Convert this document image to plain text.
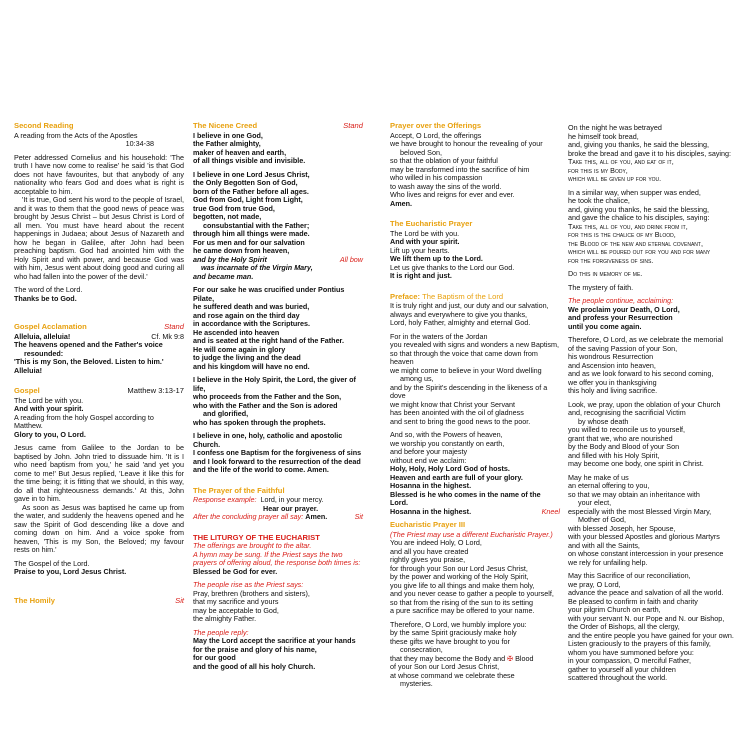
Second Reading

A reading from the Acts of the Apostles

10:34-38

Peter addressed Cornelius and his household: 'The truth I have now come to realise' he said 'is that God does not have favourites, but that anybody of any nationality who fears God and does what is right is acceptable to him.

'It is true, God sent his word to the people of Israel, and it was to them that the good news of peace was brought by Jesus Christ – but Jesus Christ is Lord of all men. You must have heard about the recent happenings in Judaea; about Jesus of Nazareth and how he began in Galilee, after John had been preaching baptism. God had anointed him with the Holy Spirit and with power, and because God was with him, Jesus went about doing good and curing all who had fallen into the power of the devil.'

The word of the Lord.

Thanks be to God.

Gospel Acclamation	Stand
Alleluia, alleluia!	Cf. Mk 9:8

The heavens opened and the Father's voice

resounded:

'This is my Son, the Beloved. Listen to him.'

Alleluia!

Gospel	Matthew 3:13-17

The Lord be with you.

And with your spirit.

A reading from the holy Gospel according to Matthew.

Glory to you, O Lord.

Jesus came from Galilee to the Jordan to be baptised by John. John tried to dissuade him. 'It is I who need baptism from you,' he said 'and yet you come to me!' But Jesus replied, 'Leave it like this for the time being; it is fitting that we should, in this way, do all that righteousness demands.' At this, John gave in to him.

As soon as Jesus was baptised he came up from the water, and suddenly the heavens opened and he saw the Spirit of God descending like a dove and coming down on him. And a voice spoke from heaven, 'This is my Son, the Beloved; my favour rests on him.'

The Gospel of the Lord.

Praise to you, Lord Jesus Christ.

The Homily	Sit
The Nicene Creed	Stand

I believe in one God,

the Father almighty,

maker of heaven and earth,

of all things visible and invisible.

I believe in one Lord Jesus Christ,

the Only Begotten Son of God,

born of the Father before all ages.

God from God, Light from Light,

true God from true God,

begotten, not made,

consubstantial with the Father;

through him all things were made.

For us men and for our salvation

he came down from heaven,

and by the Holy Spirit	All bow

was incarnate of the Virgin Mary,

and became man.

For our sake he was crucified under Pontius Pilate,

he suffered death and was buried,

and rose again on the third day

in accordance with the Scriptures.

He ascended into heaven

and is seated at the right hand of the Father.

He will come again in glory

to judge the living and the dead

and his kingdom will have no end.

I believe in the Holy Spirit, the Lord, the giver of life,

who proceeds from the Father and the Son,

who with the Father and the Son is adored

and glorified,

who has spoken through the prophets.

I believe in one, holy, catholic and apostolic Church.

I confess one Baptism for the forgiveness of sins

and I look forward to the resurrection of the dead

and the life of the world to come. Amen.

The Prayer of the Faithful

Response example: Lord, in your mercy.

Hear our prayer.

After the concluding prayer all say: Amen.	Sit

THE LITURGY OF THE EUCHARIST

The offerings are brought to the altar.

A hymn may be sung. If the Priest says the two

prayers of offering aloud, the response both times is:

Blessed be God for ever.

The people rise as the Priest says:

Pray, brethren (brothers and sisters),

that my sacrifice and yours

may be acceptable to God,

the almighty Father.

The people reply:

May the Lord accept the sacrifice at your hands

for the praise and glory of his name,

for our good

and the good of all his holy Church.

Prayer over the Offerings

Accept, O Lord, the offerings

we have brought to honour the revealing of your

beloved Son,

so that the oblation of your faithful

may be transformed into the sacrifice of him

who willed in his compassion

to wash away the sins of the world.

Who lives and reigns for ever and ever.

Amen.

The Eucharistic Prayer

The Lord be with you.

And with your spirit.

Lift up your hearts.

We lift them up to the Lord.

Let us give thanks to the Lord our God.

It is right and just.

Preface:
The Baptism of the Lord

It is truly right and just, our duty and our salvation,

always and everywhere to give you thanks,

Lord, holy Father, almighty and eternal God.

For in the waters of the Jordan

you revealed with signs and wonders a new Baptism,

so that through the voice that came down from heaven

we might come to believe in your Word dwelling

among us,

and by the Spirit's descending in the likeness of a dove

we might know that Christ your Servant

has been anointed with the oil of gladness

and sent to bring the good news to the poor.

And so, with the Powers of heaven,

we worship you constantly on earth,

and before your majesty

without end we acclaim:

Holy, Holy, Holy Lord God of hosts.

Heaven and earth are full of your glory.

Hosanna in the highest.

Blessed is he who comes in the name of the Lord.

Hosanna in the highest.	Kneel
Eucharistic Prayer III

(The Priest may use a different Eucharistic Prayer.)

You are indeed Holy, O Lord,

and all you have created

rightly gives you praise,

for through your Son our Lord Jesus Christ,

by the power and working of the Holy Spirit,

you give life to all things and make them holy,

and you never cease to gather a people to yourself,

so that from the rising of the sun to its setting

a pure sacrifice may be offered to your name.

Therefore, O Lord, we humbly implore you:

by the same Spirit graciously make holy

these gifts we have brought to you for

consecration,

that they may become the Body and ✠ Blood

of your Son our Lord Jesus Christ,

at whose command we celebrate these

mysteries.

On the night he was betrayed

he himself took bread,

and, giving you thanks, he said the blessing,

broke the bread and gave it to his disciples, saying:

Take this, all of you, and eat of it,

for this is my Body,

which will be given up for you.

In a similar way, when supper was ended,

he took the chalice,

and, giving you thanks, he said the blessing,

and gave the chalice to his disciples, saying:

Take this, all of you, and drink from it,

for this is the chalice of my Blood,

the Blood of the new and eternal covenant,

which will be poured out for you and for many

for the forgiveness of sins.

Do this in memory of me.

The mystery of faith.

The people continue, acclaiming:

We proclaim your Death, O Lord,

and profess your Resurrection

until you come again.

Therefore, O Lord, as we celebrate the memorial

of the saving Passion of your Son,

his wondrous Resurrection

and Ascension into heaven,

and as we look forward to his second coming,

we offer you in thanksgiving

this holy and living sacrifice.

Look, we pray, upon the oblation of your Church

and, recognising the sacrificial Victim

by whose death

you willed to reconcile us to yourself,

grant that we, who are nourished

by the Body and Blood of your Son

and filled with his Holy Spirit,

may become one body, one spirit in Christ.

May he make of us

an eternal offering to you,

so that we may obtain an inheritance with

your elect,

especially with the most Blessed Virgin Mary,

Mother of God,

with blessed Joseph, her Spouse,

with your blessed Apostles and glorious Martyrs

and with all the Saints,

on whose constant intercession in your presence

we rely for unfailing help.

May this Sacrifice of our reconciliation,

we pray, O Lord,

advance the peace and salvation of all the world.

Be pleased to confirm in faith and charity

your pilgrim Church on earth,

with your servant N. our Pope and N. our Bishop,

the Order of Bishops, all the clergy,

and the entire people you have gained for your own.

Listen graciously to the prayers of this family,

whom you have summoned before you:

in your compassion, O merciful Father,

gather to yourself all your children

scattered throughout the world.
